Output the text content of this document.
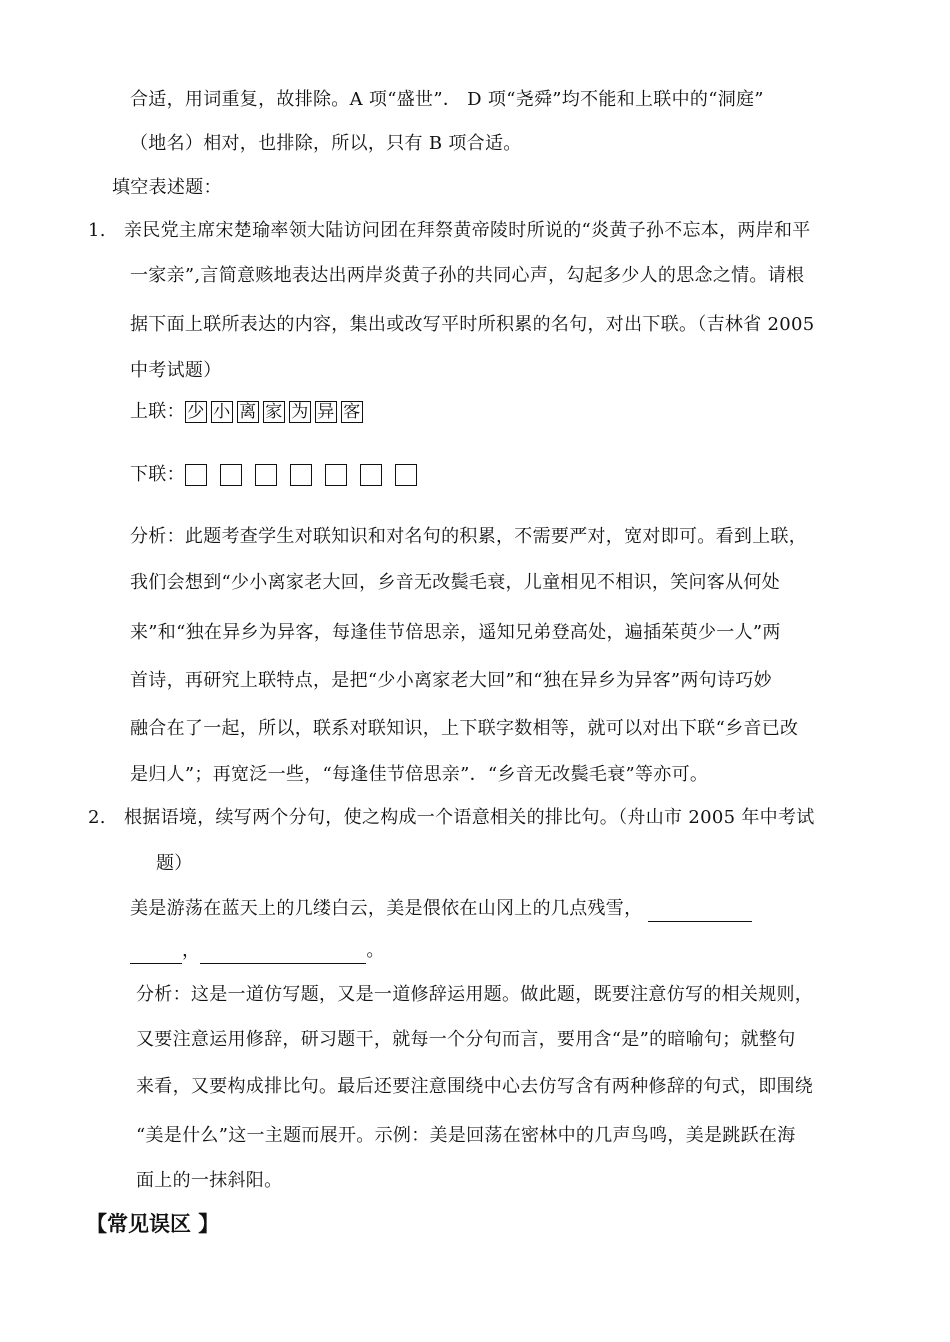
合适，用词重复，故排除。A 项“盛世”． D 项“尧舜”均不能和上联中的“洞庭”
（地名）相对，也排除，所以，只有 B 项合适。
填空表述题：
1. 亲民党主席宋楚瑜率领大陆访问团在拜祭黄帝陵时所说的“炎黄子孙不忘本，两岸和平
一家亲”,言简意赅地表达出两岸炎黄子孙的共同心声，勾起多少人的思念之情。请根
据下面上联所表达的内容，集出或改写平时所积累的名句，对出下联。（吉林省 2005
中考试题）
上联： 少 小 离 家 为 异 客
下联：
分析：此题考查学生对联知识和对名句的积累，不需要严对，宽对即可。看到上联，
我们会想到“少小离家老大回，乡音无改鬓毛衰，儿童相见不相识，笑问客从何处
来”和“独在异乡为异客，每逢佳节倍思亲，遥知兄弟登高处，遍插茱萸少一人”两
首诗，再研究上联特点，是把“少小离家老大回”和“独在异乡为异客”两句诗巧妙
融合在了一起，所以，联系对联知识，上下联字数相等，就可以对出下联“乡音已改
是归人”；再宽泛一些，“每逢佳节倍思亲”．“乡音无改鬓毛衰”等亦可。
2. 根据语境，续写两个分句，使之构成一个语意相关的排比句。（舟山市 2005 年中考试
题）
美是游荡在蓝天上的几缕白云，美是偎依在山冈上的几点残雪，
，	。
分析：这是一道仿写题，又是一道修辞运用题。做此题，既要注意仿写的相关规则，
又要注意运用修辞，研习题干，就每一个分句而言，要用含“是”的暗喻句；就整句
来看，又要构成排比句。最后还要注意围绕中心去仿写含有两种修辞的句式，即围绕
“美是什么”这一主题而展开。示例：美是回荡在密林中的几声鸟鸣，美是跳跃在海
面上的一抹斜阳。
【常见误区 】
